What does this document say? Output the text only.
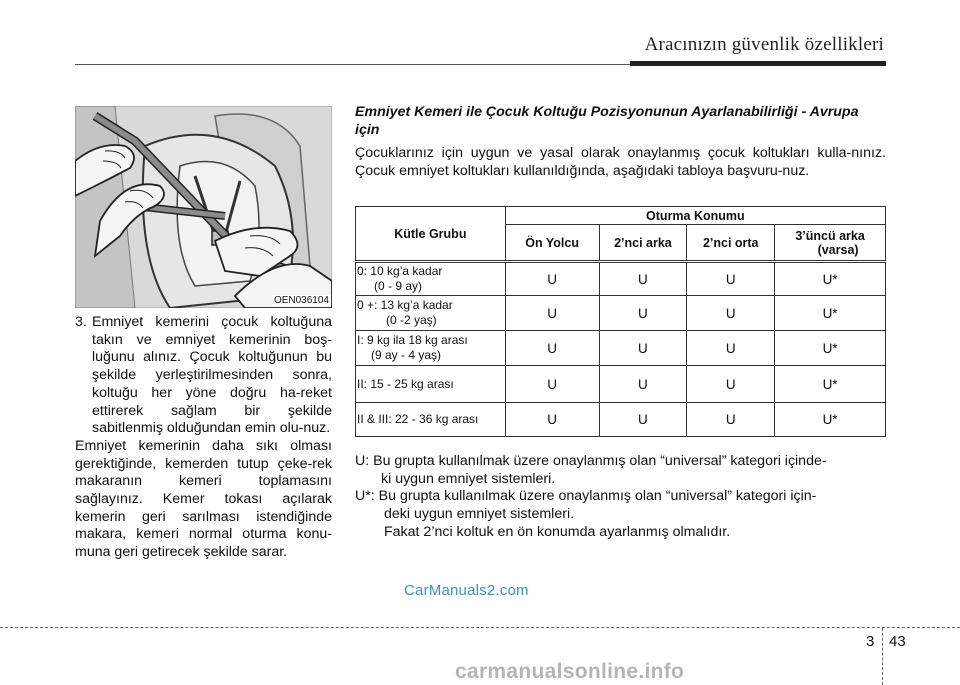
Aracınızın güvenlik özellikleri
OEN036104
3. Emniyet kemerini çocuk koltuğuna takın ve emniyet kemerinin boş-luğunu alınız. Çocuk koltuğunun bu şekilde yerleştirilmesinden sonra, koltuğu her yöne doğru ha-reket ettirerek sağlam bir şekilde sabitlenmiş olduğundan emin olu-nuz.
Emniyet kemerinin daha sıkı olması gerektiğinde, kemerden tutup çeke-rek makaranın kemeri toplamasını sağlayınız. Kemer tokası açılarak kemerin geri sarılması istendiğinde makara, kemeri normal oturma konu-muna geri getirecek şekilde sarar.
Emniyet Kemeri ile Çocuk Koltuğu Pozisyonunun Ayarlanabilirliği - Avrupa için
Çocuklarınız için uygun ve yasal olarak onaylanmış çocuk koltukları kulla-nınız. Çocuk emniyet koltukları kullanıldığında, aşağıdaki tabloya başvuru-nuz.
Kütle Grubu	Oturma Konumu			
	Ön Yolcu	2’nci arka	2’nci orta	3’üncü arka
(varsa)
0: 10 kg’a kadar
(0 - 9 ay)	U	U	U	U*
0 +: 13 kg’a kadar
(0 -2 yaş)	U	U	U	U*
I: 9 kg ila 18 kg arası
(9 ay - 4 yaş)	U	U	U	U*
II: 15 - 25 kg arası	U	U	U	U*
II & III: 22 - 36 kg arası	U	U	U	U*
U:
Bu grupta kullanılmak üzere onaylanmış olan “universal” kategori içinde-
ki uygun emniyet sistemleri.
U*:
Bu grupta kullanılmak üzere onaylanmış olan “universal” kategori için-
deki uygun emniyet sistemleri.
Fakat 2’nci koltuk en ön konumda ayarlanmış olmalıdır.
CarManuals2.com
3 43
carmanualsonline.info
